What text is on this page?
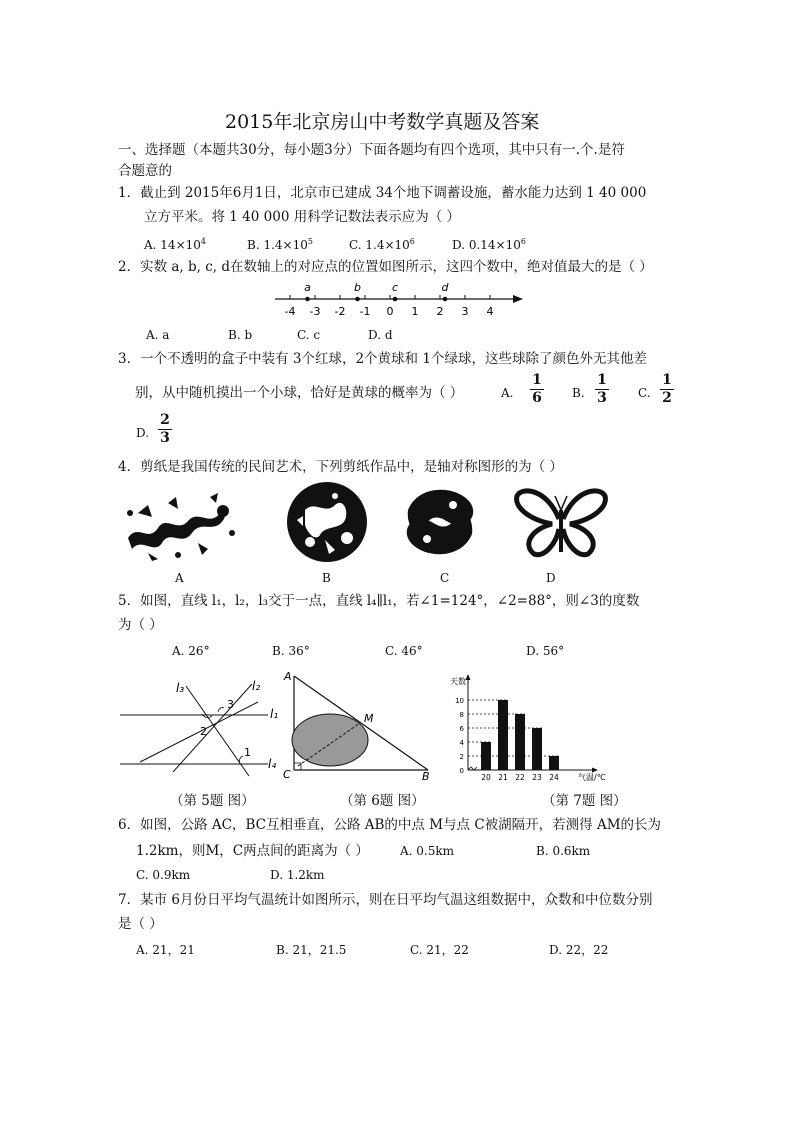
2015年北京房山中考数学真题及答案
一、选择题（本题共30分，每小题3分）下面各题均有四个选项，其中只有一.个.是符
合题意的
1．截止到 2015年6月1日，北京市已建成 34个地下调蓄设施，蓄水能力达到 1 40 000
立方平米。将 1 40 000 用科学记数法表示应为（ ）
A. $14\times 10^4$	B. $1.4\times 10^5$	C. $1.4\times 10^6$	D. $0.14\times 10^6$
2．实数 a, b, c, d在数轴上的对应点的位置如图所示，这四个数中，绝对值最大的是（ ）
-4 -3 -2 -1 0 1 2 3 4
a	b	c	d
A. a	B. b	C. c	D. d
3．一个不透明的盒子中装有 3个红球，2个黄球和 1个绿球，这些球除了颜色外无其他差
别，从中随机摸出一个小球，恰好是黄球的概率为（ ）	A.
1
6	B.
1
3	C.
1
2
D.
2
3
4．剪纸是我国传统的民间艺术，下列剪纸作品中，是轴对称图形的为（ ）
A	B	C	D
5．如图，直线 l₁，l₂，l₃交于一点，直线 l₄∥l₁，若∠1=124°，∠2=88°，则∠3的度数
为（ ）
A. 26°	B. 36°	C. 46°	D. 56°
l₃	l₂
l₁
l₄
3
2
1
A
M
C	B
天数
气温/℃
0
2
4
6
8
10
20 21 22 23 24
（第 5题 图）	（第 6题 图）	（第 7题 图）
6．如图，公路 AC，BC互相垂直，公路 AB的中点 M与点 C被湖隔开，若测得 AM的长为
1.2km，则M，C两点间的距离为（ ）	A. 0.5km	B. 0.6km
C. 0.9km	D. 1.2km
7．某市 6月份日平均气温统计如图所示，则在日平均气温这组数据中，众数和中位数分别
是（ ）
A. 21，21	B. 21，21.5	C. 21，22	D. 22，22
